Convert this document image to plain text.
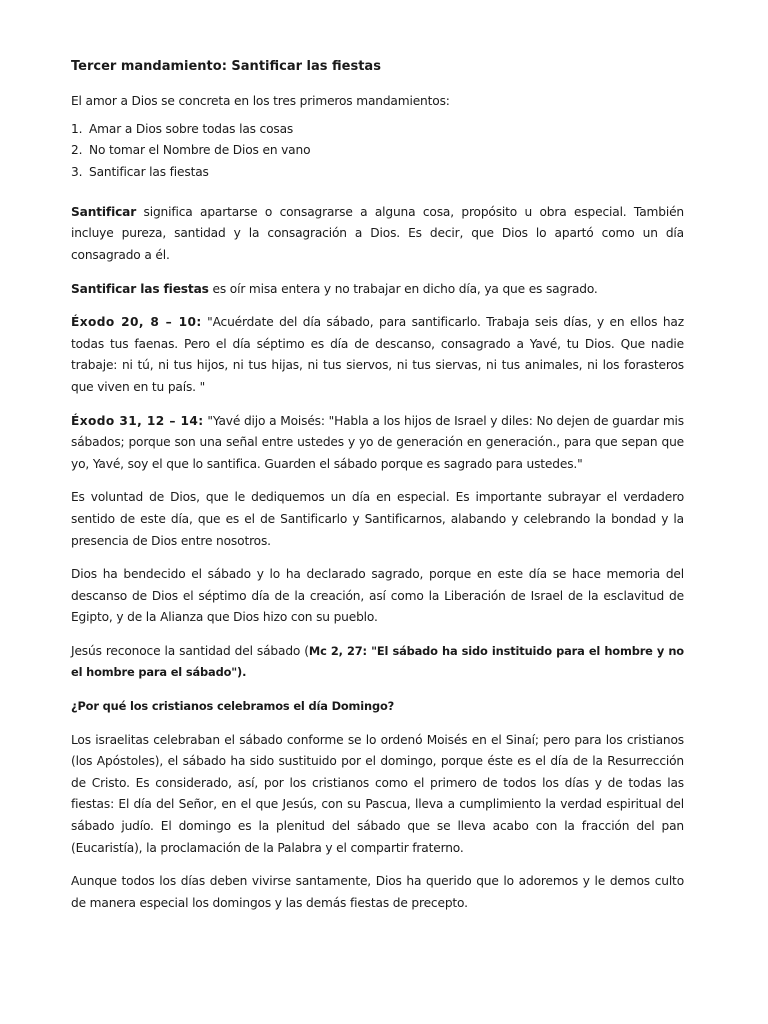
Tercer mandamiento: Santificar las fiestas

El amor a Dios se concreta en los tres primeros mandamientos:

1. Amar a Dios sobre todas las cosas
2. No tomar el Nombre de Dios en vano
3. Santificar las fiestas

Santificar significa apartarse o consagrarse a alguna cosa, propósito u obra especial. También incluye pureza, santidad y la consagración a Dios. Es decir, que Dios lo apartó como un día consagrado a él.

Santificar las fiestas es oír misa entera y no trabajar en dicho día, ya que es sagrado.

Éxodo 20, 8 – 10: "Acuérdate del día sábado, para santificarlo. Trabaja seis días, y en ellos haz todas tus faenas. Pero el día séptimo es día de descanso, consagrado a Yavé, tu Dios. Que nadie trabaje: ni tú, ni tus hijos, ni tus hijas, ni tus siervos, ni tus siervas, ni tus animales, ni los forasteros que viven en tu país. "

Éxodo 31, 12 – 14: "Yavé dijo a Moisés: "Habla a los hijos de Israel y diles: No dejen de guardar mis sábados; porque son una señal entre ustedes y yo de generación en generación., para que sepan que yo, Yavé, soy el que lo santifica. Guarden el sábado porque es sagrado para ustedes."

Es voluntad de Dios, que le dediquemos un día en especial. Es importante subrayar el verdadero sentido de este día, que es el de Santificarlo y Santificarnos, alabando y celebrando la bondad y la presencia de Dios entre nosotros.

Dios ha bendecido el sábado y lo ha declarado sagrado, porque en este día se hace memoria del descanso de Dios el séptimo día de la creación, así como la Liberación de Israel de la esclavitud de Egipto, y de la Alianza que Dios hizo con su pueblo.

Jesús reconoce la santidad del sábado (Mc 2, 27: "El sábado ha sido instituido para el hombre y no el hombre para el sábado").

¿Por qué los cristianos celebramos el día Domingo?

Los israelitas celebraban el sábado conforme se lo ordenó Moisés en el Sinaí; pero para los cristianos (los Apóstoles), el sábado ha sido sustituido por el domingo, porque éste es el día de la Resurrección de Cristo. Es considerado, así, por los cristianos como el primero de todos los días y de todas las fiestas: El día del Señor, en el que Jesús, con su Pascua, lleva a cumplimiento la verdad espiritual del sábado judío. El domingo es la plenitud del sábado que se lleva acabo con la fracción del pan (Eucaristía), la proclamación de la Palabra y el compartir fraterno.

Aunque todos los días deben vivirse santamente, Dios ha querido que lo adoremos y le demos culto de manera especial los domingos y las demás fiestas de precepto.
